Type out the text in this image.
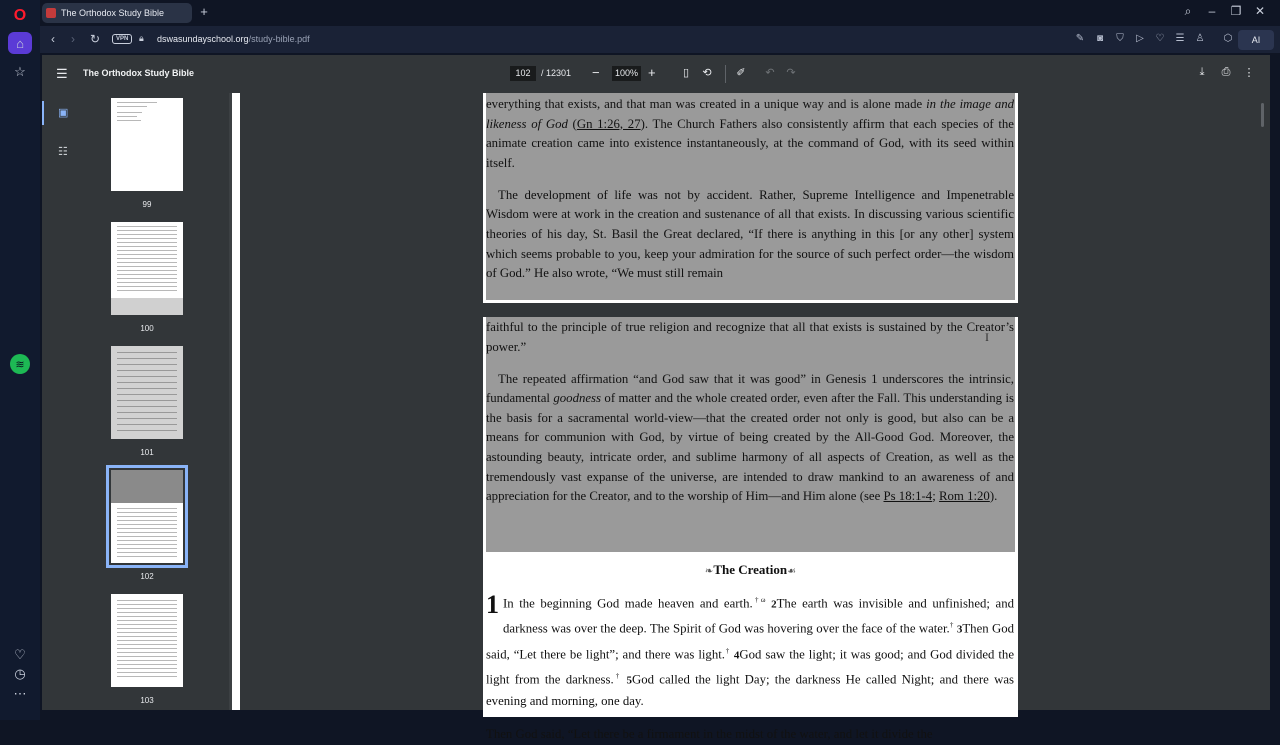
O
⌂
☆
≋
♡
◷
⋯
The Orthodox Study Bible	+	⌕	–	❐ ✕
‹	›	↻	VPN	🔒︎ dswasundayschool.org/study-bible.pdf	✎	◙	⛉	▷	♡ ☰ ♙ ⬡	AI
☰ The Orthodox Study Bible	102	/ 12301 −	100% +	▯	⟲ ✐ ↶ ↷	⤓	⎙ ⋮
▣
☷
99
100
101
102
103

everything that exists, and that man was created in a unique way and is alone made in the image and likeness of God (Gn 1:26, 27). The Church Fathers also consistently affirm that each species of the animate creation came into existence instantaneously, at the command of God, with its seed within itself.

The development of life was not by accident. Rather, Supreme Intelligence and Impenetrable Wisdom were at work in the creation and sustenance of all that exists. In discussing various scientific theories of his day, St. Basil the Great declared, “If there is anything in this [or any other] system which seems probable to you, keep your admiration for the source of such perfect order—the wisdom of God.” He also wrote, “We must still remain

faithful to the principle of true religion and recognize that all that exists is sustained by the Creator’s power.”

The repeated affirmation “and God saw that it was good” in Genesis 1 underscores the intrinsic, fundamental goodness of matter and the whole created order, even after the Fall. This understanding is the basis for a sacramental world-view—that the created order not only is good, but also can be a means for communion with God, by virtue of being created by the All-Good God. Moreover, the astounding beauty, intricate order, and sublime harmony of all aspects of Creation, as well as the tremendously vast expanse of the universe, are intended to draw mankind to an awareness of and appreciation for the Creator, and to the worship of Him—and Him alone (see Ps 18:1-4; Rom 1:20).

❧The Creation☙
1 In the beginning God made heaven and earth.$^{\dagger\omega}$ 2The earth was invisible and unfinished; and darkness was over the deep. The Spirit of God was hovering over the face of the water.† 3Then God said, “Let there be light”; and there was light.† 4God saw the light; it was good; and God divided the light from the darkness.† 5God called the light Day; the darkness He called Night; and there was evening and morning, one day.
Then God said, “Let there be a firmament in the midst of the water, and let it divide the
I
